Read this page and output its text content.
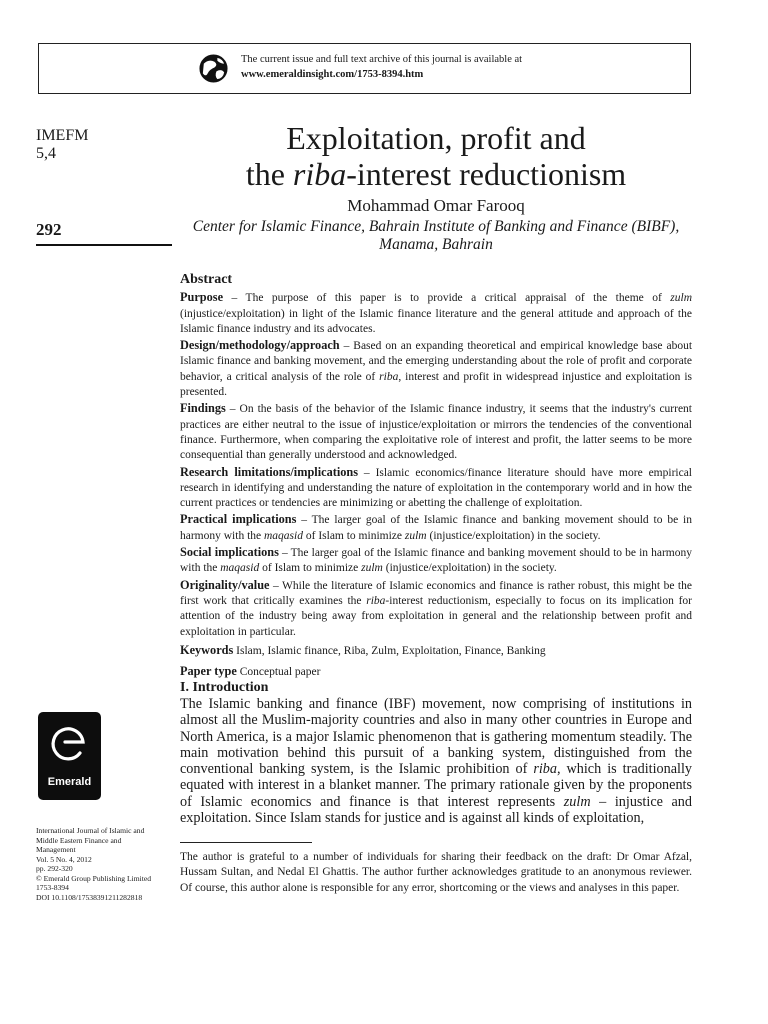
The current issue and full text archive of this journal is available at
www.emeraldinsight.com/1753-8394.htm
IMEFM
5,4
292
Exploitation, profit and
the riba-interest reductionism
Mohammad Omar Farooq
Center for Islamic Finance, Bahrain Institute of Banking and Finance (BIBF),
Manama, Bahrain
Abstract

Purpose – The purpose of this paper is to provide a critical appraisal of the theme of zulm (injustice/exploitation) in light of the Islamic finance literature and the general attitude and approach of the Islamic finance industry and its advocates.

Design/methodology/approach – Based on an expanding theoretical and empirical knowledge base about Islamic finance and banking movement, and the emerging understanding about the role of profit and corporate behavior, a critical analysis of the role of riba, interest and profit in widespread injustice and exploitation is presented.

Findings – On the basis of the behavior of the Islamic finance industry, it seems that the industry's current practices are either neutral to the issue of injustice/exploitation or mirrors the tendencies of the conventional finance. Furthermore, when comparing the exploitative role of interest and profit, the latter seems to be more consequential than generally understood and acknowledged.

Research limitations/implications – Islamic economics/finance literature should have more empirical research in identifying and understanding the nature of exploitation in the contemporary world and in how the current practices or tendencies are minimizing or abetting the challenge of exploitation.

Practical implications – The larger goal of the Islamic finance and banking movement should to be in harmony with the maqasid of Islam to minimize zulm (injustice/exploitation) in the society.

Social implications – The larger goal of the Islamic finance and banking movement should to be in harmony with the maqasid of Islam to minimize zulm (injustice/exploitation) in the society.

Originality/value – While the literature of Islamic economics and finance is rather robust, this might be the first work that critically examines the riba-interest reductionism, especially to focus on its implication for attention of the industry being away from exploitation in general and the relationship between profit and exploitation in particular.

Keywords Islam, Islamic finance, Riba, Zulm, Exploitation, Finance, Banking

Paper type Conceptual paper

I. Introduction

The Islamic banking and finance (IBF) movement, now comprising of institutions in almost all the Muslim-majority countries and also in many other countries in Europe and North America, is a major Islamic phenomenon that is gathering momentum steadily. The main motivation behind this pursuit of a banking system, distinguished from the conventional banking system, is the Islamic prohibition of riba, which is traditionally equated with interest in a blanket manner. The primary rationale given by the proponents of Islamic economics and finance is that interest represents zulm – injustice and exploitation. Since Islam stands for justice and is against all kinds of exploitation,

Emerald
International Journal of Islamic and
Middle Eastern Finance and
Management
Vol. 5 No. 4, 2012
pp. 292-320
© Emerald Group Publishing Limited
1753-8394
DOI 10.1108/17538391211282818
The author is grateful to a number of individuals for sharing their feedback on the draft: Dr Omar Afzal, Hussam Sultan, and Nedal El Ghattis. The author further acknowledges gratitude to an anonymous reviewer. Of course, this author alone is responsible for any error, shortcoming or the views and analyses in this paper.
